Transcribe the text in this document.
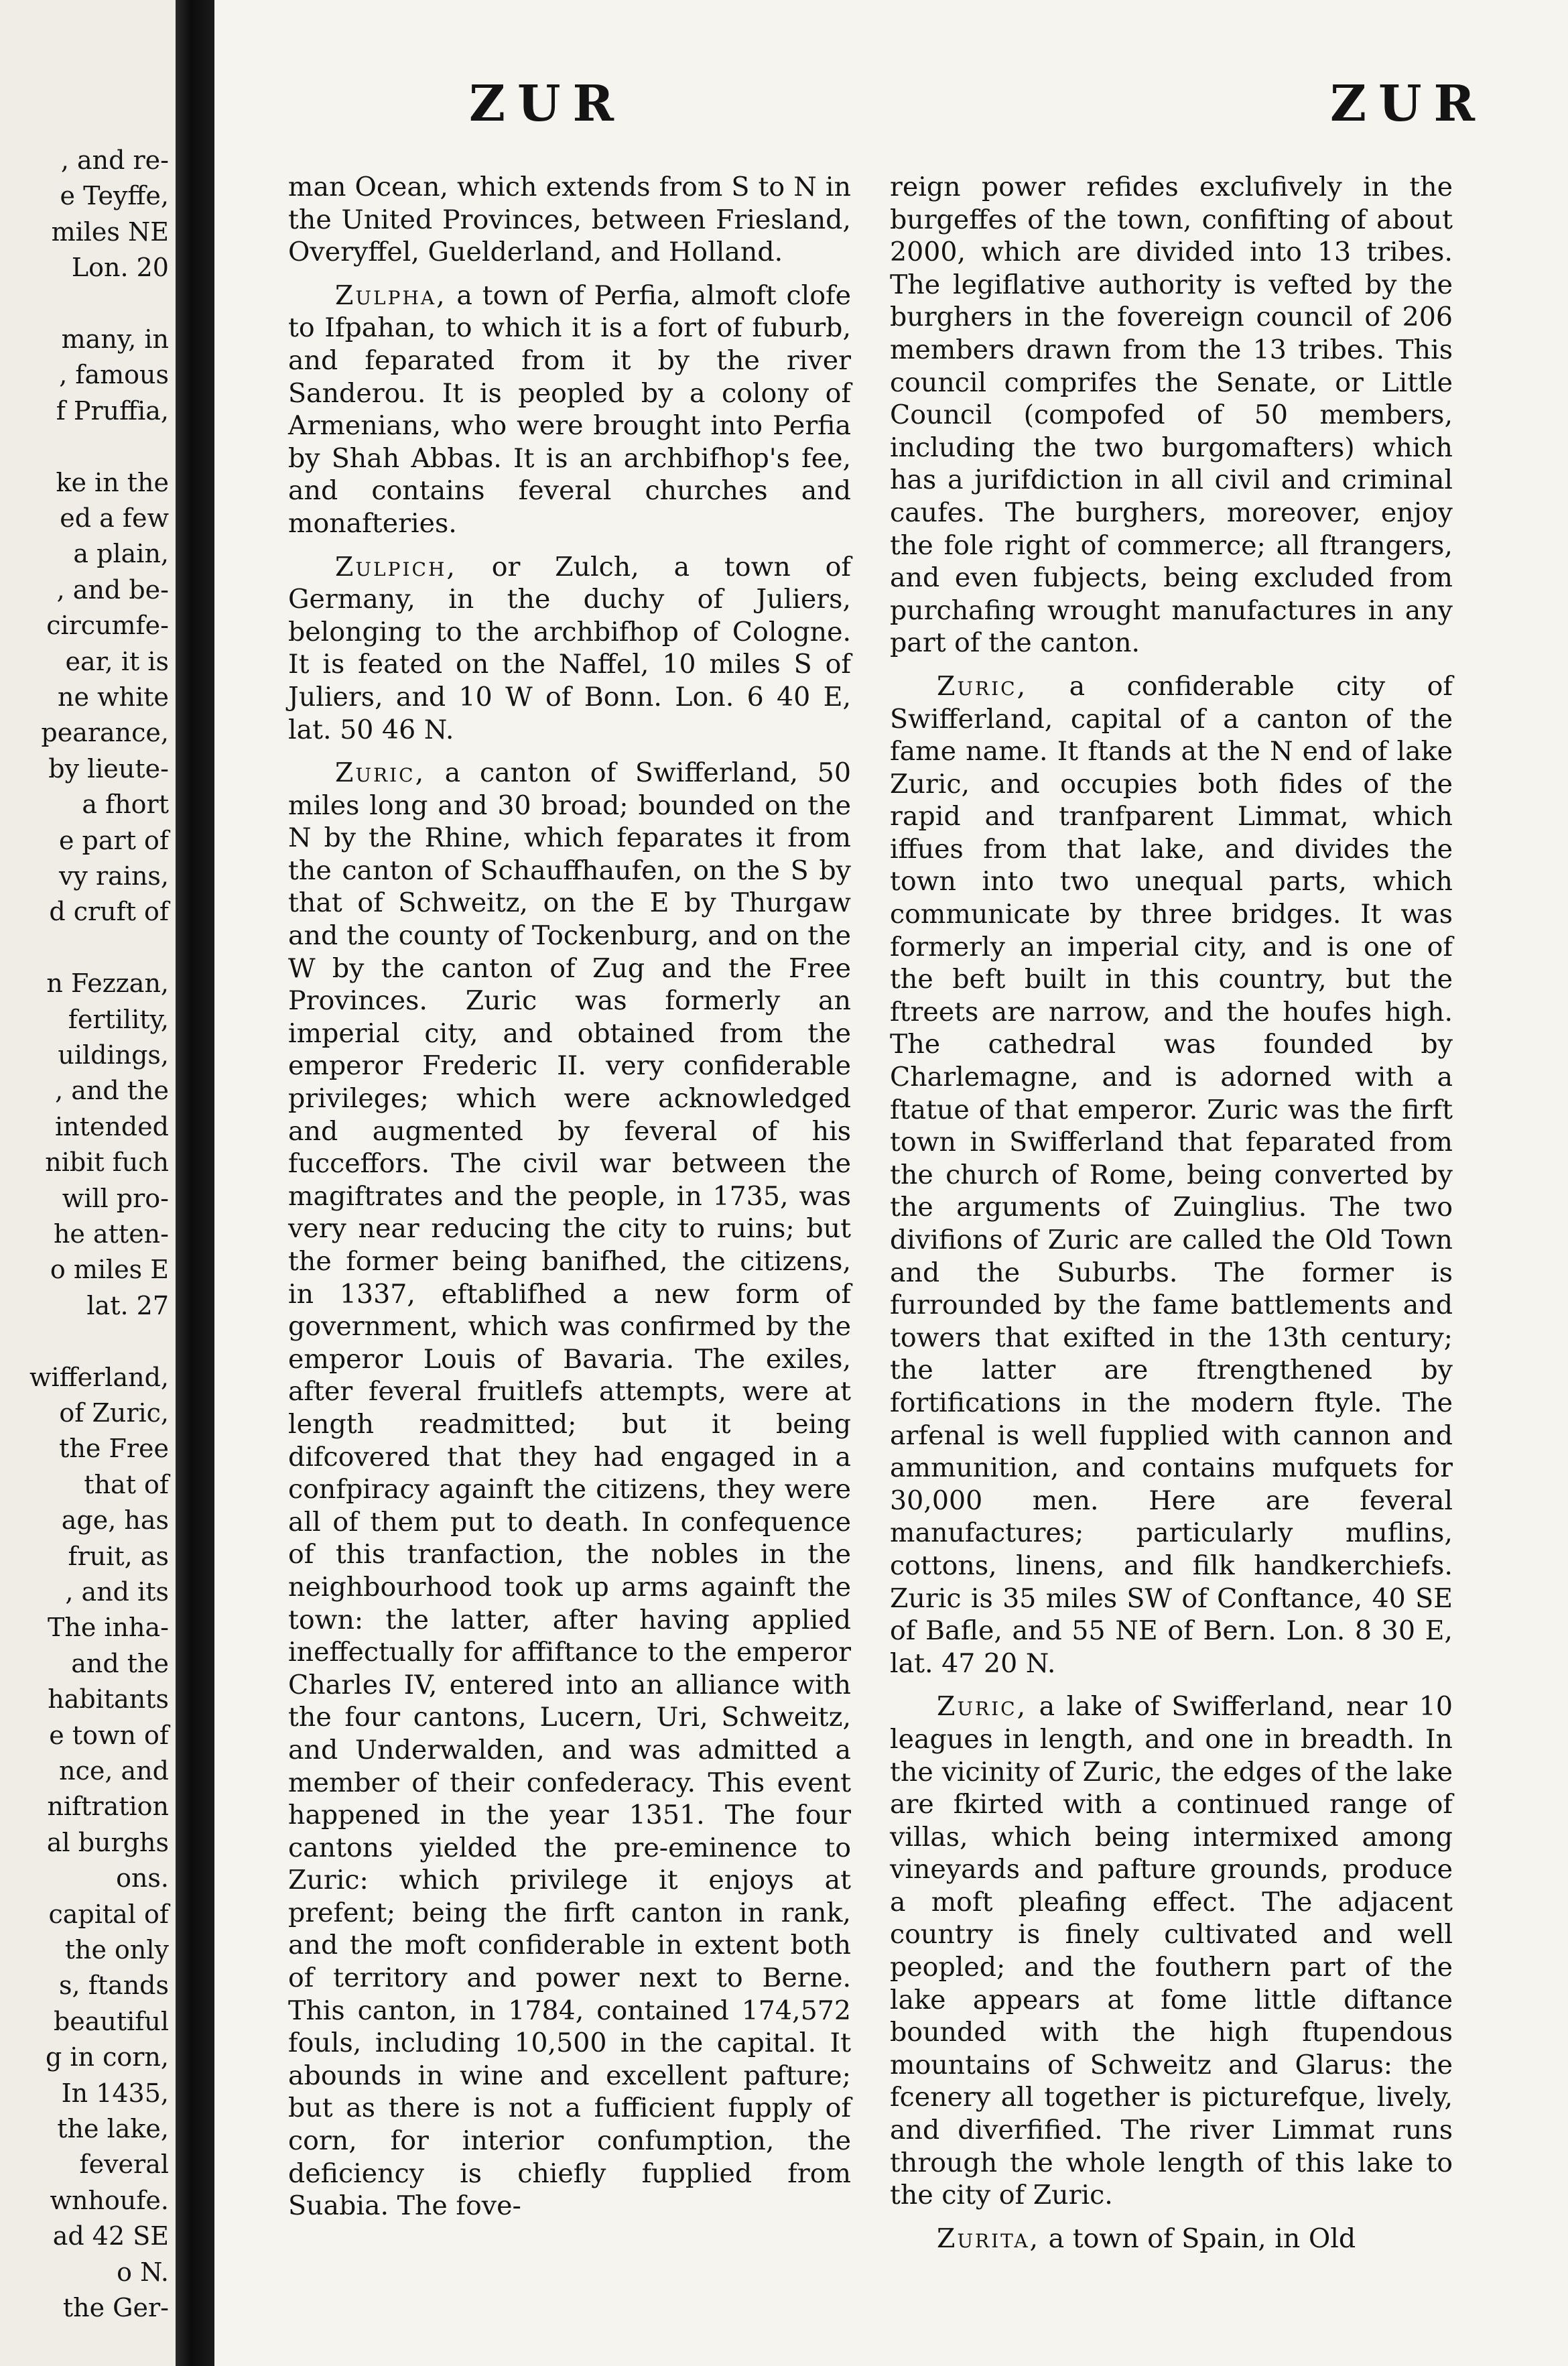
, and re-
e Teyffe,
miles NE
Lon. 20
many, in
, famous
f Pruffia,
ke in the
ed a few
a plain,
, and be-
circumfe-
ear, it is
ne white
pearance,
by lieute-
a fhort
e part of
vy rains,
d cruft of
n Fezzan,
fertility,
uildings,
, and the
intended
nibit fuch
will pro-
he atten-
o miles E
lat. 27
wifferland,
of Zuric,
the Free
that of
age, has
fruit, as
, and its
The inha-
and the
habitants
e town of
nce, and
niftration
al burghs
ons.
capital of
the only
s, ftands
beautiful
g in corn,
In 1435,
the lake,
feveral
wnhoufe.
ad 42 SE
o N.
the Ger-
ZUR	ZUR

man Ocean, which extends from S to N in the United Provinces, between Friesland, Overyffel, Guelderland, and Holland.

Zulpha, a town of Perfia, almoft clofe to Ifpahan, to which it is a fort of fuburb, and feparated from it by the river Sanderou. It is peopled by a colony of Armenians, who were brought into Perfia by Shah Abbas. It is an archbifhop's fee, and contains feveral churches and monafteries.

Zulpich, or Zulch, a town of Germany, in the duchy of Juliers, belonging to the archbifhop of Cologne. It is feated on the Naffel, 10 miles S of Juliers, and 10 W of Bonn. Lon. 6 40 E, lat. 50 46 N.

Zuric, a canton of Swifferland, 50 miles long and 30 broad; bounded on the N by the Rhine, which feparates it from the canton of Schauffhaufen, on the S by that of Schweitz, on the E by Thurgaw and the county of Tockenburg, and on the W by the canton of Zug and the Free Provinces. Zuric was formerly an imperial city, and obtained from the emperor Frederic II. very confiderable privileges; which were acknowledged and augmented by feveral of his fucceffors. The civil war between the magiftrates and the people, in 1735, was very near reducing the city to ruins; but the former being banifhed, the citizens, in 1337, eftablifhed a new form of government, which was confirmed by the emperor Louis of Bavaria. The exiles, after feveral fruitlefs attempts, were at length readmitted; but it being difcovered that they had engaged in a confpiracy againft the citizens, they were all of them put to death. In confequence of this tranfaction, the nobles in the neighbourhood took up arms againft the town: the latter, after having applied ineffectually for affiftance to the emperor Charles IV, entered into an alliance with the four cantons, Lucern, Uri, Schweitz, and Underwalden, and was admitted a member of their confederacy. This event happened in the year 1351. The four cantons yielded the pre-eminence to Zuric: which privilege it enjoys at prefent; being the firft canton in rank, and the moft confiderable in extent both of territory and power next to Berne. This canton, in 1784, contained 174,572 fouls, including 10,500 in the capital. It abounds in wine and excellent pafture; but as there is not a fufficient fupply of corn, for interior confumption, the deficiency is chiefly fupplied from Suabia. The fove-

reign power refides exclufively in the burgeffes of the town, confifting of about 2000, which are divided into 13 tribes. The legiflative authority is vefted by the burghers in the fovereign council of 206 members drawn from the 13 tribes. This council comprifes the Senate, or Little Council (compofed of 50 members, including the two burgomafters) which has a jurifdiction in all civil and criminal caufes. The burghers, moreover, enjoy the fole right of commerce; all ftrangers, and even fubjects, being excluded from purchafing wrought manufactures in any part of the canton.

Zuric, a confiderable city of Swifferland, capital of a canton of the fame name. It ftands at the N end of lake Zuric, and occupies both fides of the rapid and tranfparent Limmat, which iffues from that lake, and divides the town into two unequal parts, which communicate by three bridges. It was formerly an imperial city, and is one of the beft built in this country, but the ftreets are narrow, and the houfes high. The cathedral was founded by Charlemagne, and is adorned with a ftatue of that emperor. Zuric was the firft town in Swifferland that feparated from the church of Rome, being converted by the arguments of Zuinglius. The two divifions of Zuric are called the Old Town and the Suburbs. The former is furrounded by the fame battlements and towers that exifted in the 13th century; the latter are ftrengthened by fortifications in the modern ftyle. The arfenal is well fupplied with cannon and ammunition, and contains mufquets for 30,000 men. Here are feveral manufactures; particularly muflins, cottons, linens, and filk handkerchiefs. Zuric is 35 miles SW of Conftance, 40 SE of Bafle, and 55 NE of Bern. Lon. 8 30 E, lat. 47 20 N.

Zuric, a lake of Swifferland, near 10 leagues in length, and one in breadth. In the vicinity of Zuric, the edges of the lake are fkirted with a continued range of villas, which being intermixed among vineyards and pafture grounds, produce a moft pleafing effect. The adjacent country is finely cultivated and well peopled; and the fouthern part of the lake appears at fome little diftance bounded with the high ftupendous mountains of Schweitz and Glarus: the fcenery all together is picturefque, lively, and diverfified. The river Limmat runs through the whole length of this lake to the city of Zuric.

Zurita, a town of Spain, in Old
